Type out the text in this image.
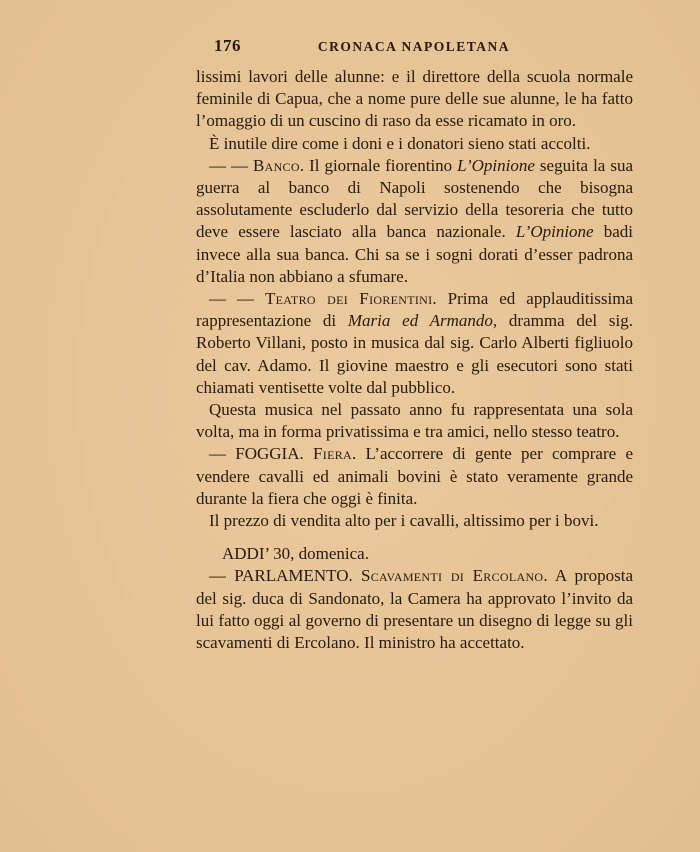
176	CRONACA NAPOLETANA

lissimi lavori delle alunne: e il direttore della scuola normale feminile di Capua, che a nome pure delle sue alunne, le ha fatto l’omaggio di un cuscino di raso da esse ricamato in oro.

È inutile dire come i doni e i donatori sieno stati accolti.

— — Banco. Il giornale fiorentino L’Opinione seguita la sua guerra al banco di Napoli sostenendo che bisogna assolutamente escluderlo dal servizio della tesoreria che tutto deve essere lasciato alla banca nazionale. L’Opinione badi invece alla sua banca. Chi sa se i sogni dorati d’esser padrona d’Italia non abbiano a sfumare.

— — Teatro dei Fiorentini. Prima ed applauditissima rappresentazione di Maria ed Armando, dramma del sig. Roberto Villani, posto in musica dal sig. Carlo Alberti figliuolo del cav. Adamo. Il giovine maestro e gli esecutori sono stati chiamati ventisette volte dal pubblico.

Questa musica nel passato anno fu rappresentata una sola volta, ma in forma privatissima e tra amici, nello stesso teatro.

— FOGGIA. Fiera. L’accorrere di gente per comprare e vendere cavalli ed animali bovini è stato veramente grande durante la fiera che oggi è finita.

Il prezzo di vendita alto per i cavalli, altissimo per i bovi.

ADDI’ 30, domenica.

— PARLAMENTO. Scavamenti di Ercolano. A proposta del sig. duca di Sandonato, la Camera ha approvato l’invito da lui fatto oggi al governo di presentare un disegno di legge su gli scavamenti di Ercolano. Il ministro ha accettato.
